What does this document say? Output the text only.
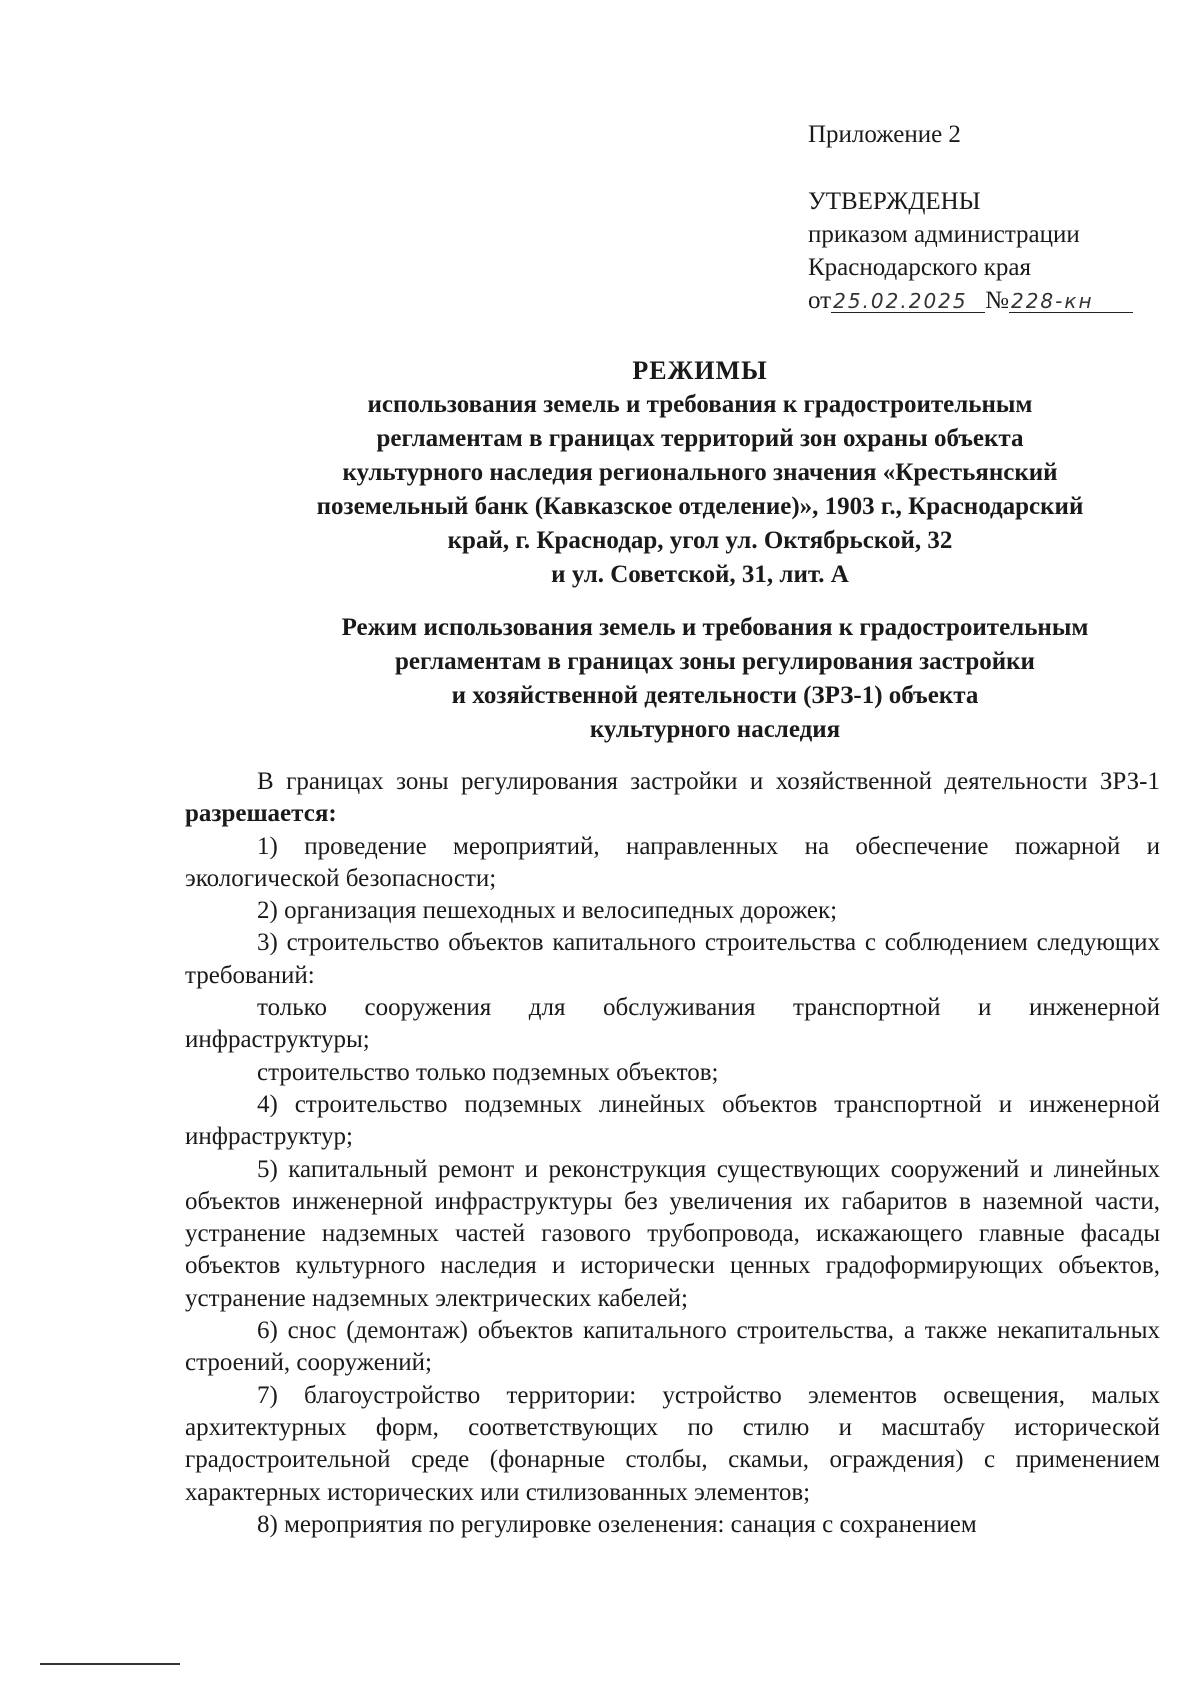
Приложение 2
УТВЕРЖДЕНЫ
приказом администрации
Краснодарского края
от 25.02.2025 № 228-кн
РЕЖИМЫ
использования земель и требования к градостроительным
регламентам в границах территорий зон охраны объекта
культурного наследия регионального значения «Крестьянский
поземельный банк (Кавказское отделение)», 1903 г., Краснодарский
край, г. Краснодар, угол ул. Октябрьской, 32
и ул. Советской, 31, лит. А
Режим использования земель и требования к градостроительным
регламентам в границах зоны регулирования застройки
и хозяйственной деятельности (ЗРЗ-1) объекта
культурного наследия

В границах зоны регулирования застройки и хозяйственной деятельности ЗРЗ-1 разрешается:

1) проведение мероприятий, направленных на обеспечение пожарной и экологической безопасности;

2) организация пешеходных и велосипедных дорожек;

3) строительство объектов капитального строительства с соблюдением следующих требований:

только сооружения для обслуживания транспортной и инженерной инфраструктуры;

строительство только подземных объектов;

4) строительство подземных линейных объектов транспортной и инженерной инфраструктур;

5) капитальный ремонт и реконструкция существующих сооружений и линейных объектов инженерной инфраструктуры без увеличения их габаритов в наземной части, устранение надземных частей газового трубопровода, искажающего главные фасады объектов культурного наследия и исторически ценных градоформирующих объектов, устранение надземных электрических кабелей;

6) снос (демонтаж) объектов капитального строительства, а также некапитальных строений, сооружений;

7) благоустройство территории: устройство элементов освещения, малых архитектурных форм, соответствующих по стилю и масштабу исторической градостроительной среде (фонарные столбы, скамьи, ограждения) с применением характерных исторических или стилизованных элементов;

8) мероприятия по регулировке озеленения: санация с сохранением
